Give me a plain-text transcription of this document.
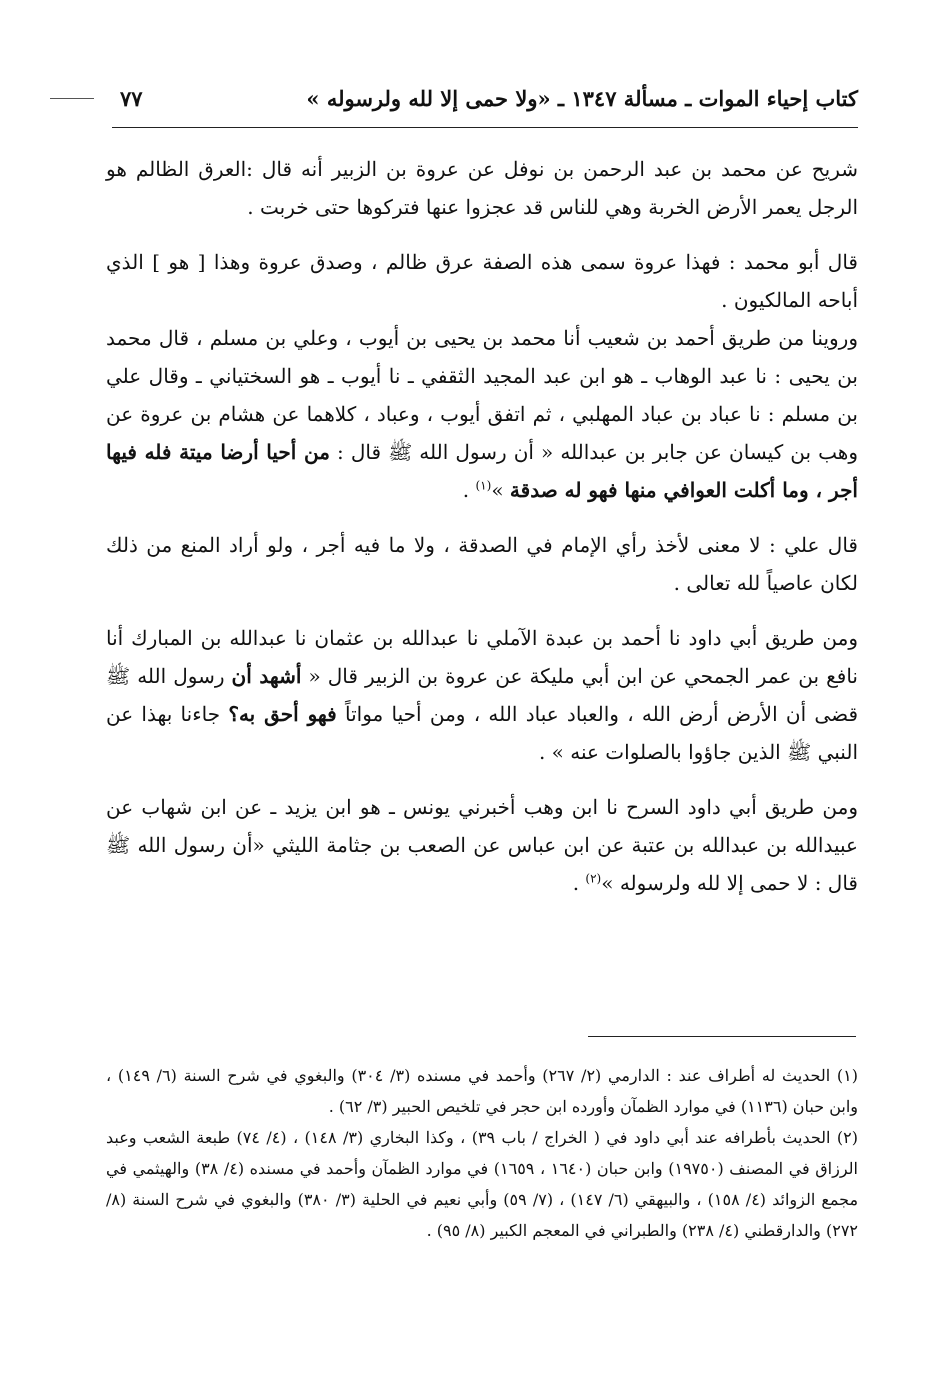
كتاب إحياء الموات ـ مسألة ١٣٤٧ ـ «ولا حمى إلا لله ولرسوله »
٧٧

شريح عن محمد بن عبد الرحمن بن نوفل عن عروة بن الزبير أنه قال :العرق الظالم هو الرجل يعمر الأرض الخربة وهي للناس قد عجزوا عنها فتركوها حتى خربت .

قال أبو محمد : فهذا عروة سمى هذه الصفة عرق ظالم ، وصدق عروة وهذا [ هو ] الذي أباحه المالكيون .

وروينا من طريق أحمد بن شعيب أنا محمد بن يحيى بن أيوب ، وعلي بن مسلم ، قال محمد بن يحيى : نا عبد الوهاب ـ هو ابن عبد المجيد الثقفي ـ نا أيوب ـ هو السختياني ـ وقال علي بن مسلم : نا عباد بن عباد المهلبي ، ثم اتفق أيوب ، وعباد ، كلاهما عن هشام بن عروة عن وهب بن كيسان عن جابر بن عبدالله « أن رسول الله ﷺ قال : من أحيا أرضا ميتة فله فيها أجر ، وما أكلت العوافي منها فهو له صدقة »$^{(١)}$ .

قال علي : لا معنى لأخذ رأي الإمام في الصدقة ، ولا ما فيه أجر ، ولو أراد المنع من ذلك لكان عاصياً لله تعالى .

ومن طريق أبي داود نا أحمد بن عبدة الآملي نا عبدالله بن عثمان نا عبدالله بن المبارك أنا نافع بن عمر الجمحي عن ابن أبي مليكة عن عروة بن الزبير قال « أشهد أن رسول الله ﷺ قضى أن الأرض أرض الله ، والعباد عباد الله ، ومن أحيا مواتاً فهو أحق به؟ جاءنا بهذا عن النبي ﷺ الذين جاؤوا بالصلوات عنه » .

ومن طريق أبي داود السرح نا ابن وهب أخبرني يونس ـ هو ابن يزيد ـ عن ابن شهاب عن عبيدالله بن عبدالله بن عتبة عن ابن عباس عن الصعب بن جثامة الليثي «أن رسول الله ﷺ قال : لا حمى إلا لله ولرسوله »$^{(٢)}$ .

(١) الحديث له أطراف عند : الدارمي (٢/ ٢٦٧) وأحمد في مسنده (٣/ ٣٠٤) والبغوي في شرح السنة (٦/ ١٤٩) ، وابن حبان (١١٣٦) في موارد الظمآن وأورده ابن حجر في تلخيص الحبير (٣/ ٦٢) .

(٢) الحديث بأطرافه عند أبي داود في ( الخراج / باب ٣٩) ، وكذا البخاري (٣/ ١٤٨) ، (٤/ ٧٤) طبعة الشعب وعبد الرزاق في المصنف (١٩٧٥٠) وابن حبان (١٦٤٠ ، ١٦٥٩) في موارد الظمآن وأحمد في مسنده (٤/ ٣٨) والهيثمي في مجمع الزوائد (٤/ ١٥٨) ، والبيهقي (٦/ ١٤٧) ، (٧/ ٥٩) وأبي نعيم في الحلية (٣/ ٣٨٠) والبغوي في شرح السنة (٨/ ٢٧٢) والدارقطني (٤/ ٢٣٨) والطبراني في المعجم الكبير (٨/ ٩٥) .
